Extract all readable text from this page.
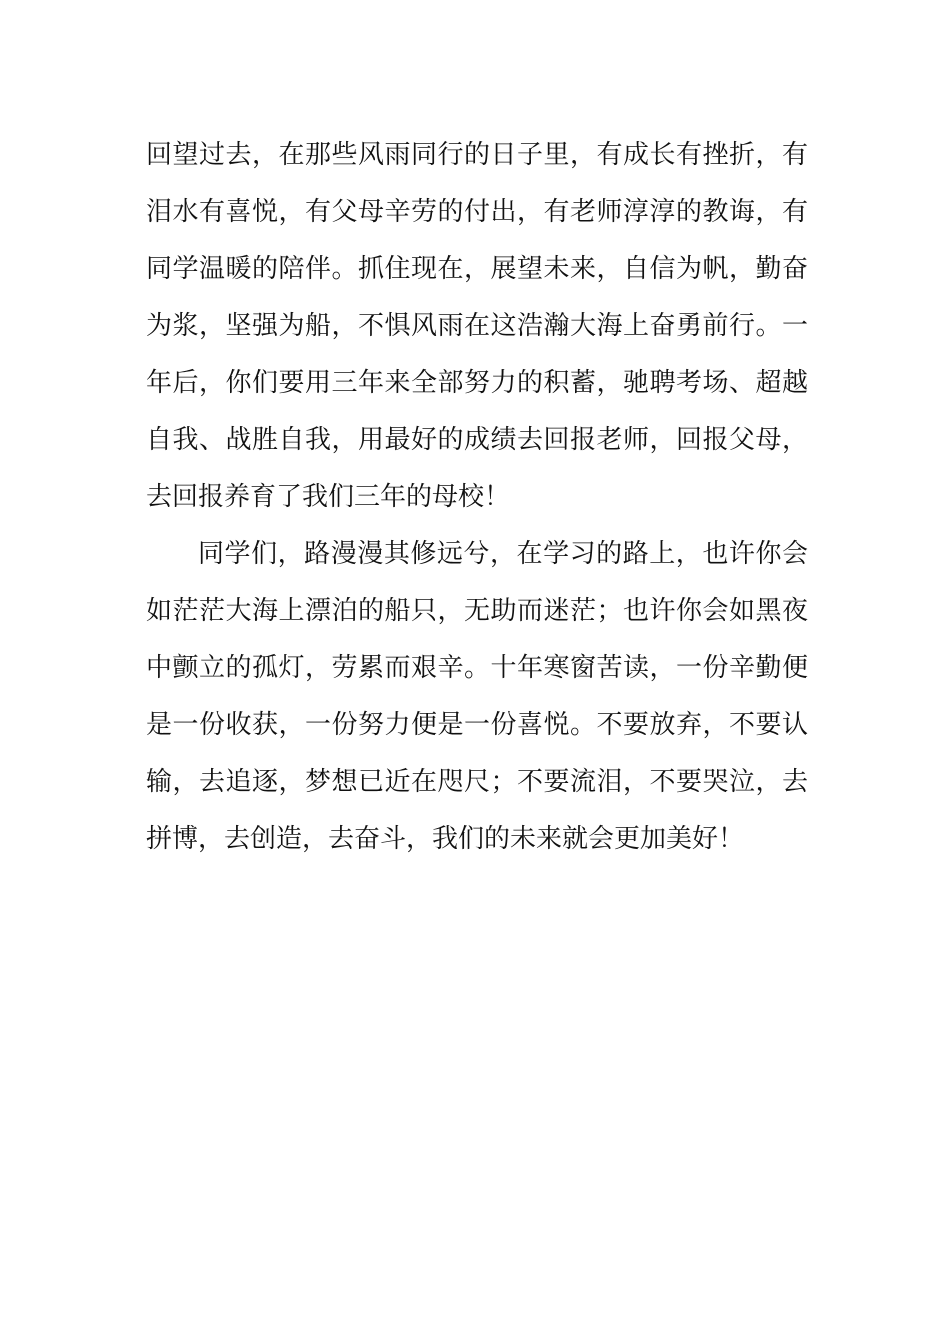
回望过去，在那些风雨同行的日子里，有成长有挫折，有
泪水有喜悦，有父母辛劳的付出，有老师淳淳的教诲，有
同学温暖的陪伴。抓住现在，展望未来，自信为帆，勤奋
为浆，坚强为船，不惧风雨在这浩瀚大海上奋勇前行。一
年后，你们要用三年来全部努力的积蓄，驰聘考场、超越
自我、战胜自我，用最好的成绩去回报老师，回报父母，
去回报养育了我们三年的母校！
同学们，路漫漫其修远兮，在学习的路上，也许你会
如茫茫大海上漂泊的船只，无助而迷茫；也许你会如黑夜
中颤立的孤灯，劳累而艰辛。十年寒窗苦读，一份辛勤便
是一份收获，一份努力便是一份喜悦。不要放弃，不要认
输，去追逐，梦想已近在咫尺；不要流泪，不要哭泣，去
拼博，去创造，去奋斗，我们的未来就会更加美好！
